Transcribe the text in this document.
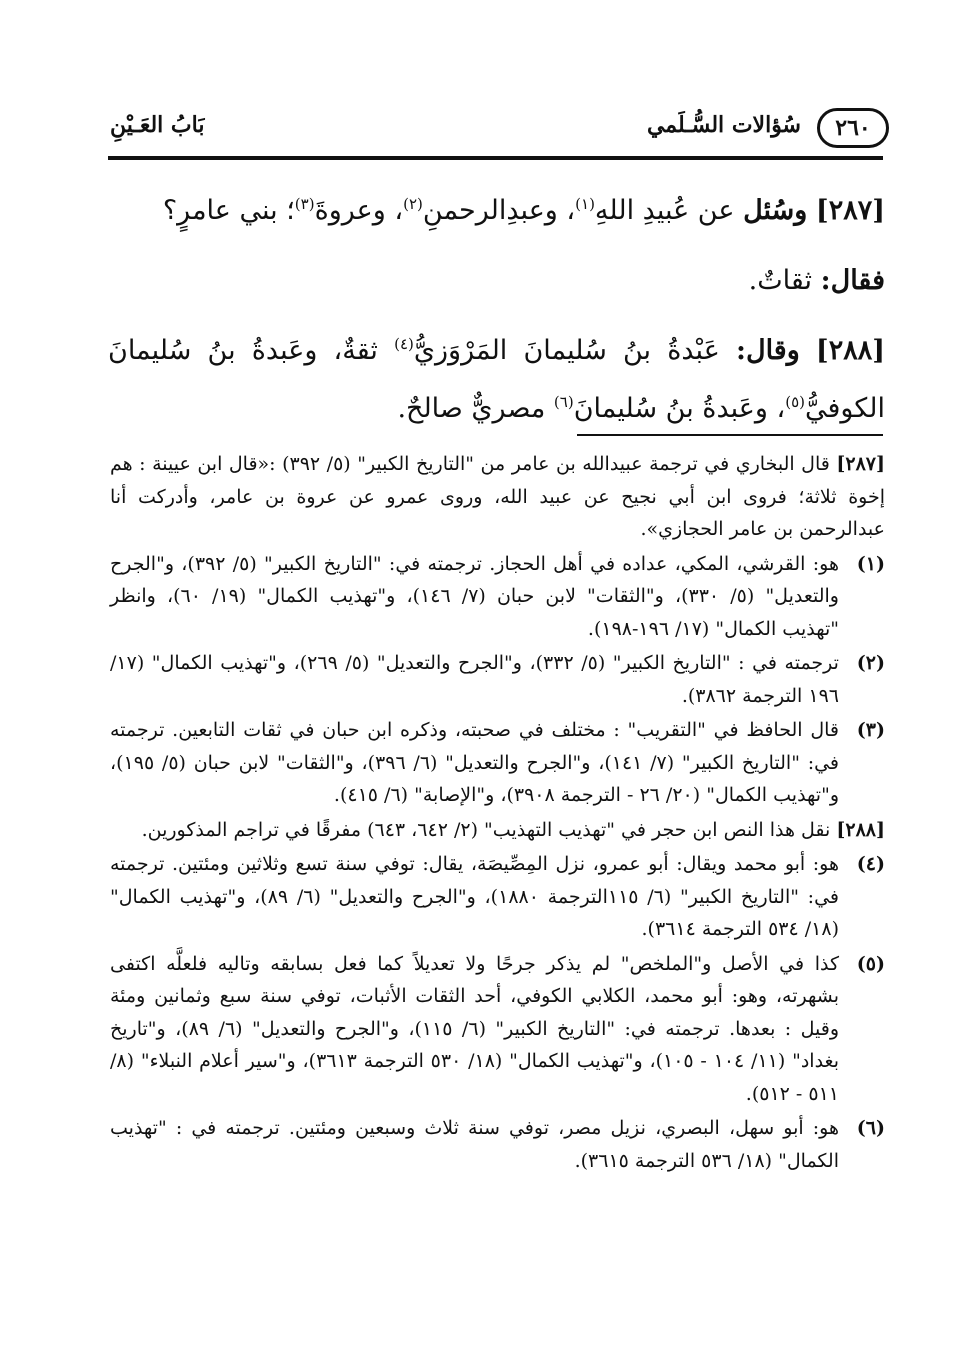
٢٦٠
سُؤالات السُّـلَمي
بَابُ العَـيْنِ

[٢٨٧] وسُئل عن عُبيدِ اللهِ$^{(١)}$، وعبدِالرحمنِ$^{(٢)}$، وعروةَ$^{(٣)}$؛ بني عامرٍ؟

فقال: ثقاتٌ.

[٢٨٨] وقال: عَبْدةُ بنُ سُليمانَ المَرْوَزيُّ$^{(٤)}$ ثقةٌ، وعَبدةُ بنُ سُليمانَ الكوفيُّ$^{(٥)}$، وعَبدةُ بنُ سُليمانَ$^{(٦)}$ مصريٌّ صالحٌ.

[٢٨٧] قال البخاري في ترجمة عبيدالله بن عامر من "التاريخ الكبير" (٥/ ٣٩٢) :«قال ابن عيينة : هم إخوة ثلاثة؛ فروى ابن أبي نجيح عن عبيد الله، وروى عمرو عن عروة بن عامر، وأدركت أنا عبدالرحمن بن عامر الحجازي».
(١)
هو: القرشي، المكي، عداده في أهل الحجاز. ترجمته في: "التاريخ الكبير" (٥/ ٣٩٢)، و"الجرح والتعديل" (٥/ ٣٣٠)، و"الثقات" لابن حبان (٧/ ١٤٦)، و"تهذيب الكمال" (١٩/ ٦٠)، وانظر "تهذيب الكمال" (١٧/ ١٩٦-١٩٨).
(٢)
ترجمته في : "التاريخ الكبير" (٥/ ٣٣٢)، و"الجرح والتعديل" (٥/ ٢٦٩)، و"تهذيب الكمال" (١٧/ ١٩٦ الترجمة ٣٨٦٢).
(٣)
قال الحافظ في "التقريب" : مختلف في صحبته، وذكره ابن حبان في ثقات التابعين. ترجمته في: "التاريخ الكبير" (٧/ ١٤١)، و"الجرح والتعديل" (٦/ ٣٩٦)، و"الثقات" لابن حبان (٥/ ١٩٥)، و"تهذيب الكمال" (٢٠/ ٢٦ - الترجمة ٣٩٠٨)، و"الإصابة" (٦/ ٤١٥).
[٢٨٨] نقل هذا النص ابن حجر في "تهذيب التهذيب" (٢/ ٦٤٢، ٦٤٣) مفرقًا في تراجم المذكورين.
(٤)
هو: أبو محمد ويقال: أبو عمرو، نزل المِصِّيصَة، يقال: توفي سنة تسع وثلاثين ومئتين. ترجمته في: "التاريخ الكبير" (٦/ ١١٥الترجمة ١٨٨٠)، و"الجرح والتعديل" (٦/ ٨٩)، و"تهذيب الكمال" (١٨/ ٥٣٤ الترجمة ٣٦١٤).
(٥)
كذا في الأصل و"الملخص" لم يذكر جرحًا ولا تعديلاً كما فعل بسابقه وتاليه فلعلَّه اكتفى بشهرته، وهو: أبو محمد، الكلابي الكوفي، أحد الثقات الأثبات، توفي سنة سبع وثمانين ومئة وقيل : بعدها. ترجمته في: "التاريخ الكبير" (٦/ ١١٥)، و"الجرح والتعديل" (٦/ ٨٩)، و"تاريخ بغداد" (١١/ ١٠٤ - ١٠٥)، و"تهذيب الكمال" (١٨/ ٥٣٠ الترجمة ٣٦١٣)، و"سير أعلام النبلاء" (٨/ ٥١١ - ٥١٢).
(٦)
هو: أبو سهل، البصري، نزيل مصر، توفي سنة ثلاث وسبعين ومئتين. ترجمته في : "تهذيب الكمال" (١٨/ ٥٣٦ الترجمة ٣٦١٥).
